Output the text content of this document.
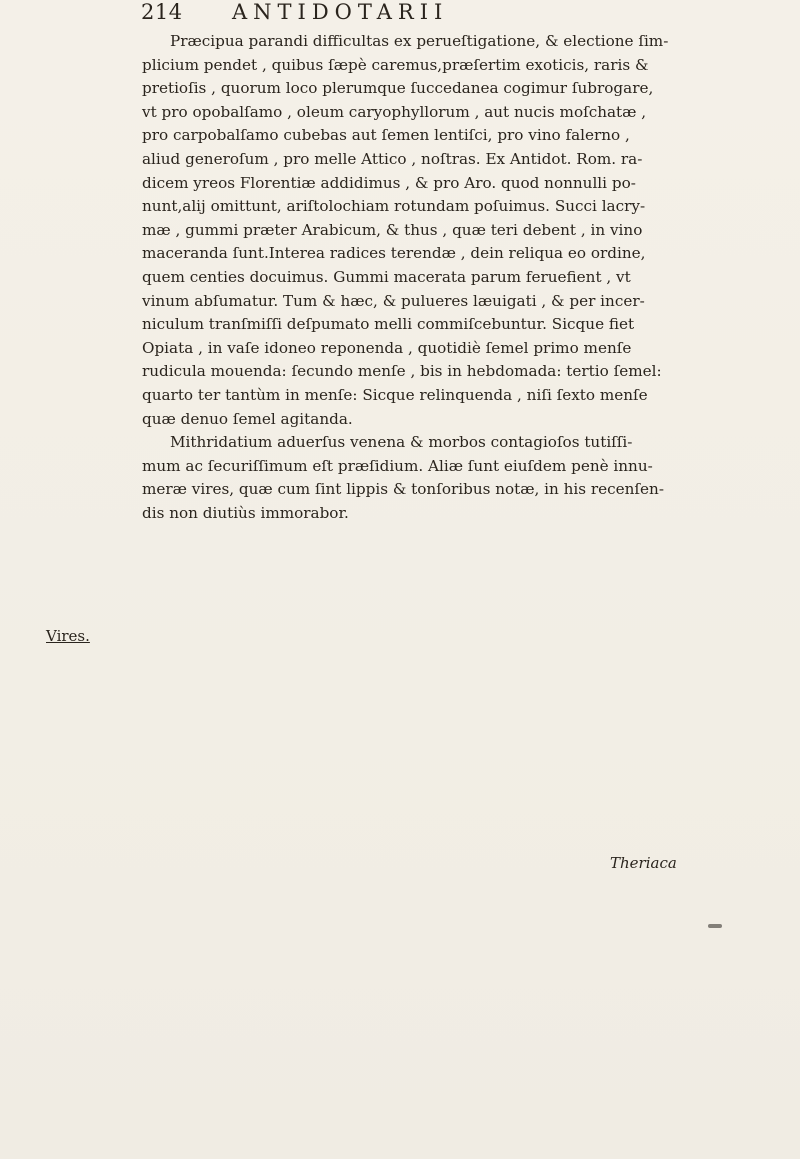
214 ANTIDOTARII
Præcipua parandi difficultas ex perueſtigatione, & electione ſim-
plicium pendet , quibus ſæpè caremus,præſertim exoticis, raris &
pretioſis , quorum loco plerumque ſuccedanea cogimur ſubrogare,
vt pro opobalſamo , oleum caryophyllorum , aut nucis moſchatæ ,
pro carpobalſamo cubebas aut ſemen lentiſci, pro vino falerno ,
aliud generoſum , pro melle Attico , noſtras. Ex Antidot. Rom. ra-
dicem yreos Florentiæ addidimus , & pro Aro. quod nonnulli po-
nunt,alij omittunt, ariſtolochiam rotundam poſuimus. Succi lacry-
mæ , gummi præter Arabicum, & thus , quæ teri debent , in vino
maceranda ſunt.Interea radices terendæ , dein reliqua eo ordine,
quem centies docuimus. Gummi macerata parum feruefient , vt
vinum abſumatur. Tum & hæc, & pulueres læuigati , & per incer-
niculum tranſmiſſi deſpumato melli commiſcebuntur. Sicque fiet
Opiata , in vaſe idoneo reponenda , quotidiè ſemel primo menſe
rudicula mouenda: ſecundo menſe , bis in hebdomada: tertio ſemel:
quarto ter tantùm in menſe: Sicque relinquenda , niſi ſexto menſe
quæ denuo ſemel agitanda.
Mithridatium aduerſus venena & morbos contagioſos tutiſſi-
mum ac ſecuriſſimum eſt præſidium. Aliæ ſunt eiuſdem penè innu-
meræ vires, quæ cum ſint lippis & tonſoribus notæ, in his recenſen-
dis non diutiùs immorabor.
Vires.
Theriaca
